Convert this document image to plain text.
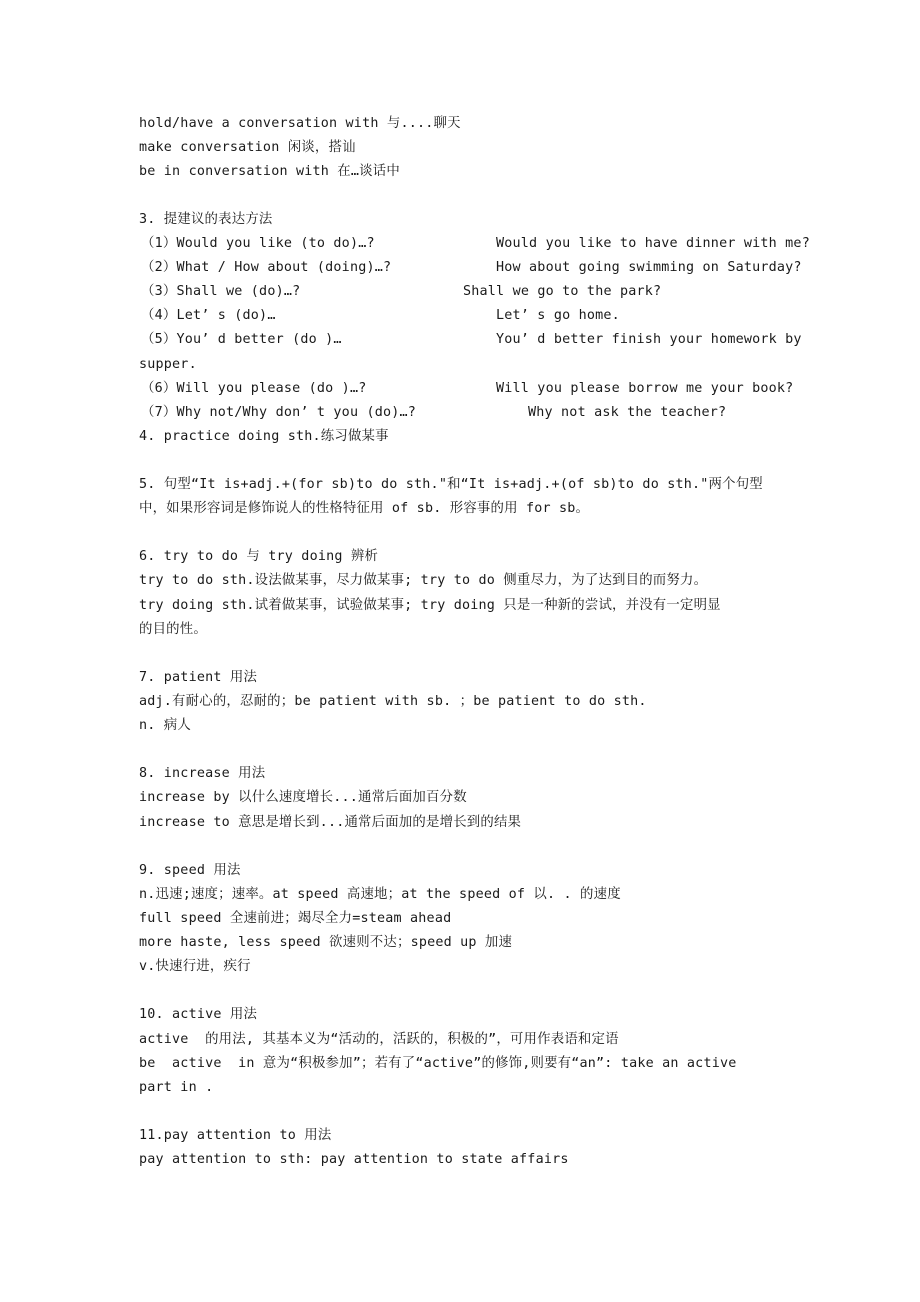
hold/have a conversation with 与....聊天
make conversation 闲谈，搭讪
be in conversation with 在…谈话中
3. 提建议的表达方法
（1）Would you like (to do)…?	Would you like to have dinner with me?
（2）What / How about (doing)…?	How about going swimming on Saturday?
（3）Shall we (do)…?	Shall we go to the park?
（4）Let’ s (do)…	Let’ s go home.
（5）You’ d better (do )…	You’ d better finish your homework by
supper.
（6）Will you please (do )…?	Will you please borrow me your book?
（7）Why not/Why don’ t you (do)…?	Why not ask the teacher?
4. practice doing sth.练习做某事
5. 句型“It is+adj.+(for sb)to do sth."和“It is+adj.+(of sb)to do sth."两个句型
中，如果形容词是修饰说人的性格特征用 of sb. 形容事的用 for sb。
6. try to do 与 try doing 辨析
try to do sth.设法做某事，尽力做某事; try to do 侧重尽力，为了达到目的而努力。
try doing sth.试着做某事，试验做某事; try doing 只是一种新的尝试，并没有一定明显
的目的性。
7. patient 用法
adj.有耐心的，忍耐的；be patient with sb. ；be patient to do sth.
n. 病人
8. increase 用法
increase by 以什么速度增长...通常后面加百分数
increase to 意思是增长到...通常后面加的是增长到的结果
9. speed 用法
n.迅速;速度；速率。at speed 高速地；at the speed of 以. . 的速度
full speed 全速前进；竭尽全力=steam ahead
more haste, less speed 欲速则不达；speed up 加速
v.快速行进，疾行
10. active 用法
active  的用法, 其基本义为“活动的，活跃的，积极的”，可用作表语和定语
be  active  in 意为“积极参加”；若有了“active”的修饰,则要有“an”: take an active
part in .
11.pay attention to 用法
pay attention to sth: pay attention to state affairs
